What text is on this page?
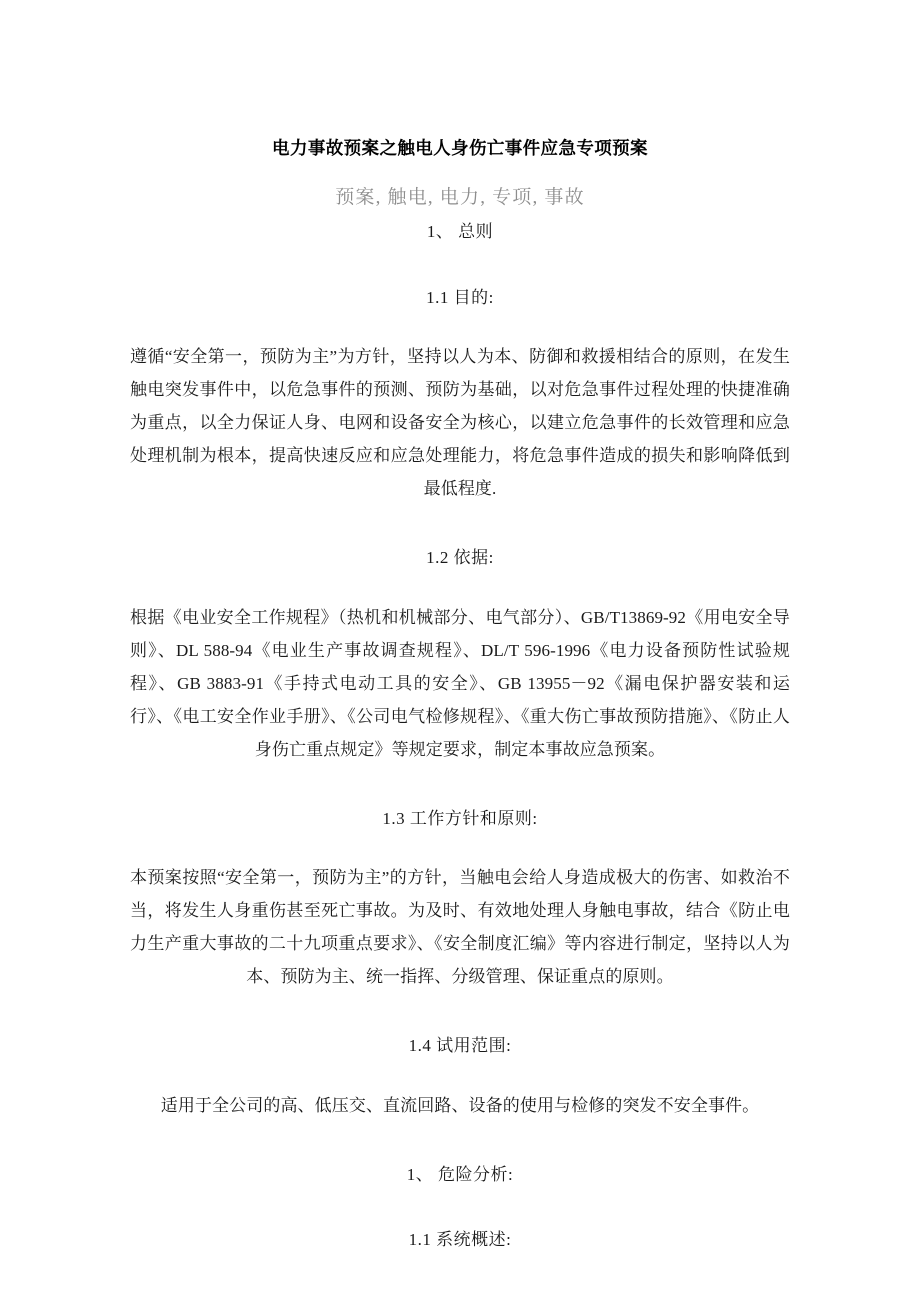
电力事故预案之触电人身伤亡事件应急专项预案

预案, 触电, 电力, 专项, 事故

1、 总则
1.1 目的:

遵循“安全第一，预防为主”为方针，坚持以人为本、防御和救援相结合的原则，在发生触电突发事件中，以危急事件的预测、预防为基础，以对危急事件过程处理的快捷准确为重点，以全力保证人身、电网和设备安全为核心，以建立危急事件的长效管理和应急处理机制为根本，提高快速反应和应急处理能力，将危急事件造成的损失和影响降低到最低程度.

1.2 依据:

根据《电业安全工作规程》（热机和机械部分、电气部分）、GB/T13869-92《用电安全导则》、DL 588-94《电业生产事故调查规程》、DL/T 596-1996《电力设备预防性试验规程》、GB 3883-91《手持式电动工具的安全》、GB 13955－92《漏电保护器安装和运行》、《电工安全作业手册》、《公司电气检修规程》、《重大伤亡事故预防措施》、《防止人身伤亡重点规定》等规定要求，制定本事故应急预案。

1.3 工作方针和原则:

本预案按照“安全第一，预防为主”的方针，当触电会给人身造成极大的伤害、如救治不当，将发生人身重伤甚至死亡事故。为及时、有效地处理人身触电事故，结合《防止电力生产重大事故的二十九项重点要求》、《安全制度汇编》等内容进行制定，坚持以人为本、预防为主、统一指挥、分级管理、保证重点的原则。

1.4 试用范围:

适用于全公司的高、低压交、直流回路、设备的使用与检修的突发不安全事件。

1、 危险分析:
1.1 系统概述:
